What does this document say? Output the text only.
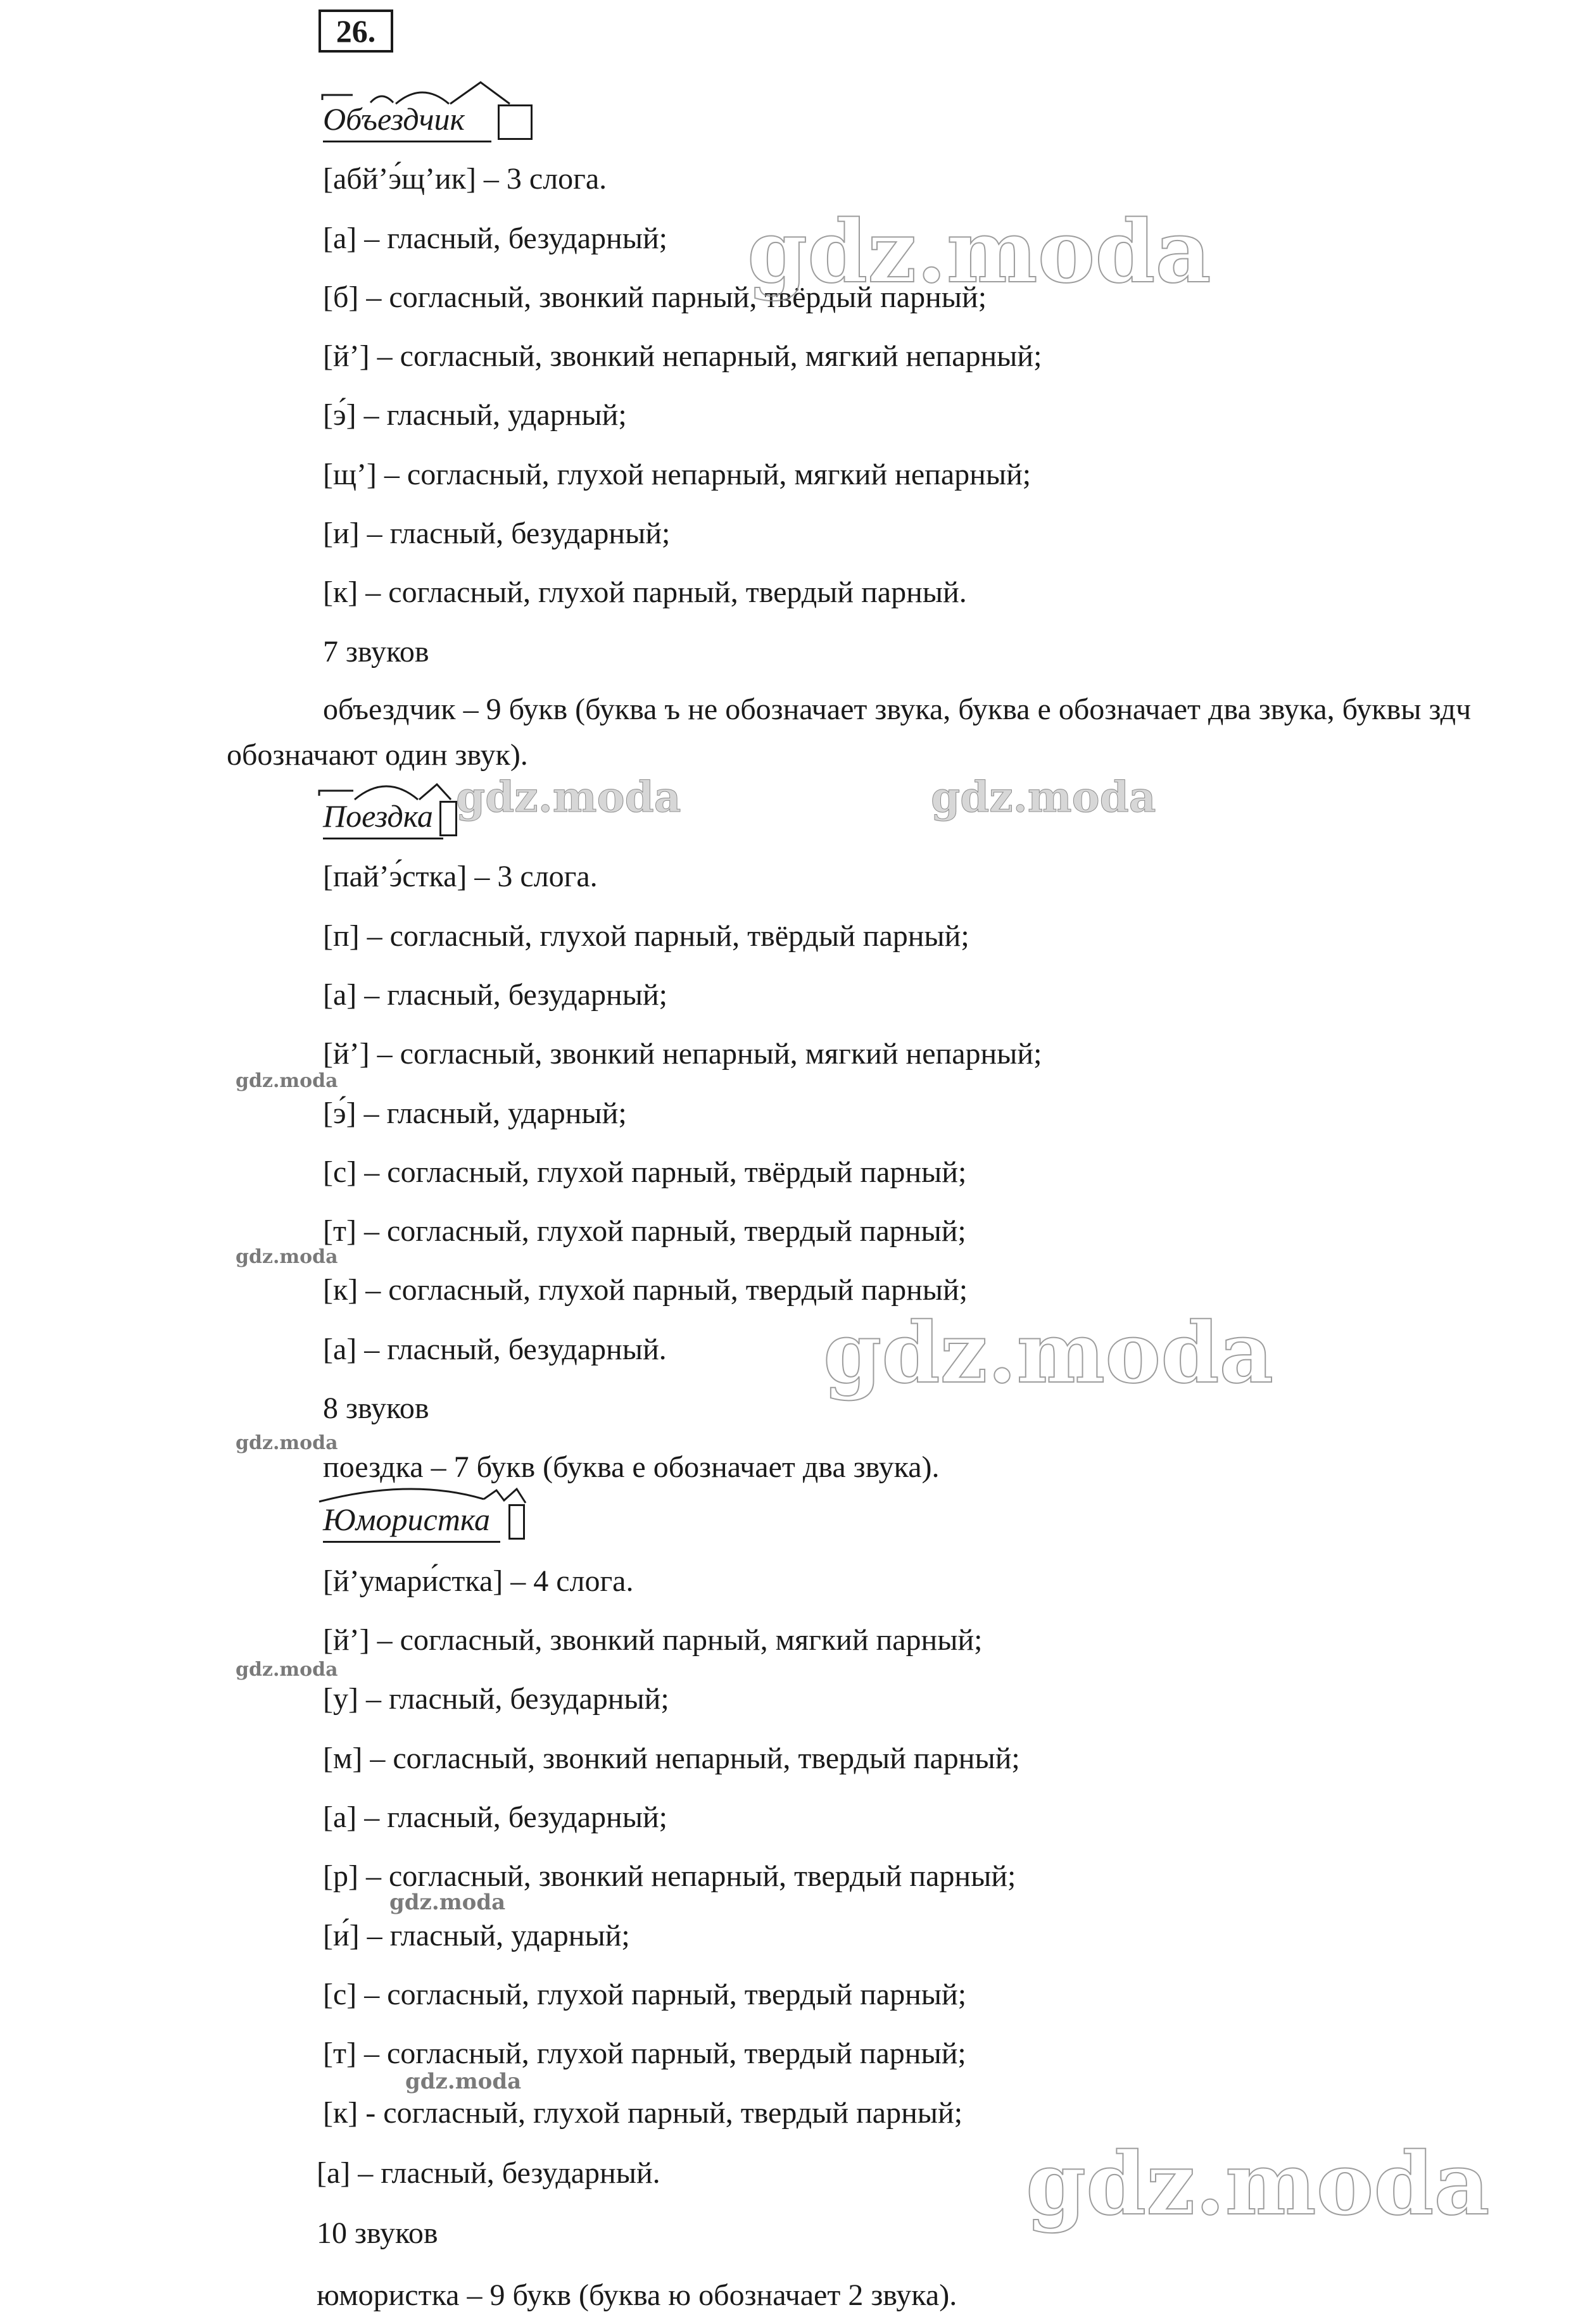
26.
Объездчик
[абй’э́щ’ик] – 3 слога.
[а] – гласный, безударный;
[б] – согласный, звонкий парный, твёрдый парный;
[й’] – согласный, звонкий непарный, мягкий непарный;
[э́] – гласный, ударный;
[щ’] – согласный, глухой непарный, мягкий непарный;
[и] – гласный, безударный;
[к] – согласный, глухой парный, твердый парный.
7 звуков
объездчик – 9 букв (буква ъ не обозначает звука, буква е обозначает два звука, буквы здч обозначают один звук).
Поездка
[пай’э́стка] – 3 слога.
[п] – согласный, глухой парный, твёрдый парный;
[а] – гласный, безударный;
[й’] – согласный, звонкий непарный, мягкий непарный;
[э́] – гласный, ударный;
[с] – согласный, глухой парный, твёрдый парный;
[т] – согласный, глухой парный, твердый парный;
[к] – согласный, глухой парный, твердый парный;
[а] – гласный, безударный.
8 звуков
поездка – 7 букв (буква е обозначает два звука).
Юмористка
[й’умари́стка] – 4 слога.
[й’] – согласный, звонкий парный, мягкий парный;
[у] – гласный, безударный;
[м] – согласный, звонкий непарный, твердый парный;
[а] – гласный, безударный;
[р] – согласный, звонкий непарный, твердый парный;
[и́] – гласный, ударный;
[с] – согласный, глухой парный, твердый парный;
[т] – согласный, глухой парный, твердый парный;
[к] - согласный, глухой парный, твердый парный;
[а] – гласный, безударный.
10 звуков
юмористка – 9 букв (буква ю обозначает 2 звука).
gdz.moda
gdz.moda	gdz.moda
gdz.moda
gdz.moda
gdz.moda
gdz.moda
gdz.moda
gdz.moda
gdz.moda
gdz.moda
